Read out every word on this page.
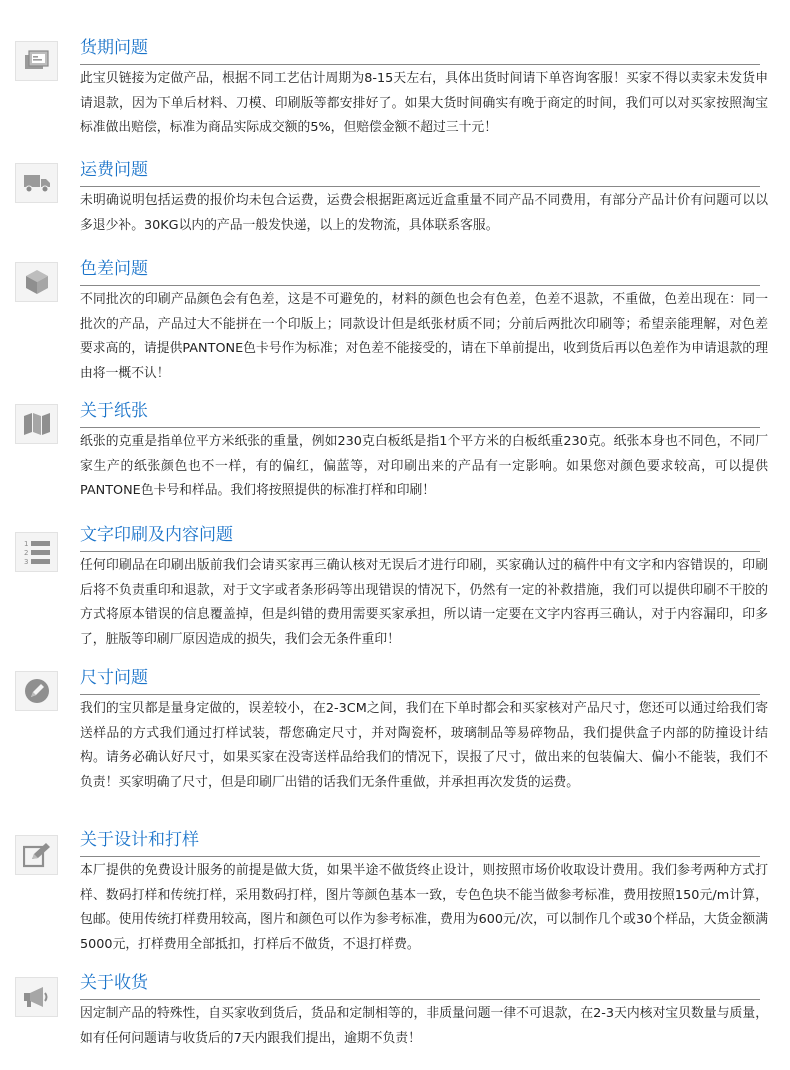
货期问题

此宝贝链接为定做产品，根据不同工艺估计周期为8-15天左右，具体出货时间请下单咨询客服！买家不得以卖家未发货申请退款，因为下单后材料、刀模、印刷版等都安排好了。如果大货时间确实有晚于商定的时间，我们可以对买家按照淘宝标准做出赔偿，标准为商品实际成交额的5%，但赔偿金额不超过三十元！

运费问题

未明确说明包括运费的报价均未包合运费，运费会根据距离远近盒重量不同产品不同费用，有部分产品计价有问题可以以多退少补。30KG以内的产品一般发快递，以上的发物流，具体联系客服。

色差问题

不同批次的印刷产品颜色会有色差，这是不可避免的，材料的颜色也会有色差，色差不退款，不重做，色差出现在：同一批次的产品，产品过大不能拼在一个印版上；同款设计但是纸张材质不同；分前后两批次印刷等；希望亲能理解，对色差要求高的，请提供PANTONE色卡号作为标准；对色差不能接受的，请在下单前提出，收到货后再以色差作为申请退款的理由将一概不认！

关于纸张

纸张的克重是指单位平方米纸张的重量，例如230克白板纸是指1个平方米的白板纸重230克。纸张本身也不同色，不同厂家生产的纸张颜色也不一样，有的偏红，偏蓝等，对印刷出来的产品有一定影响。如果您对颜色要求较高，可以提供PANTONE色卡号和样品。我们将按照提供的标准打样和印刷！

1
2
3
文字印刷及内容问题

任何印刷品在印刷出版前我们会请买家再三确认核对无误后才进行印刷，买家确认过的稿件中有文字和内容错误的，印刷后将不负责重印和退款，对于文字或者条形码等出现错误的情况下，仍然有一定的补救措施，我们可以提供印刷不干胶的方式将原本错误的信息覆盖掉，但是纠错的费用需要买家承担，所以请一定要在文字内容再三确认，对于内容漏印，印多了，脏版等印刷厂原因造成的损失，我们会无条件重印！

尺寸问题

我们的宝贝都是量身定做的，误差较小，在2-3CM之间，我们在下单时都会和买家核对产品尺寸，您还可以通过给我们寄送样品的方式我们通过打样试装，帮您确定尺寸，并对陶瓷杯，玻璃制品等易碎物品，我们提供盒子内部的防撞设计结构。请务必确认好尺寸，如果买家在没寄送样品给我们的情况下，误报了尺寸，做出来的包装偏大、偏小不能装，我们不负责！买家明确了尺寸，但是印刷厂出错的话我们无条件重做，并承担再次发货的运费。

关于设计和打样

本厂提供的免费设计服务的前提是做大货，如果半途不做货终止设计，则按照市场价收取设计费用。我们参考两种方式打样、数码打样和传统打样，采用数码打样，图片等颜色基本一致，专色色块不能当做参考标准，费用按照150元/m计算，包邮。使用传统打样费用较高，图片和颜色可以作为参考标准，费用为600元/次，可以制作几个或30个样品，大货金额满5000元，打样费用全部抵扣，打样后不做货，不退打样费。

关于收货

因定制产品的特殊性，自买家收到货后，货品和定制相等的，非质量问题一律不可退款，在2-3天内核对宝贝数量与质量，如有任何问题请与收货后的7天内跟我们提出，逾期不负责！
